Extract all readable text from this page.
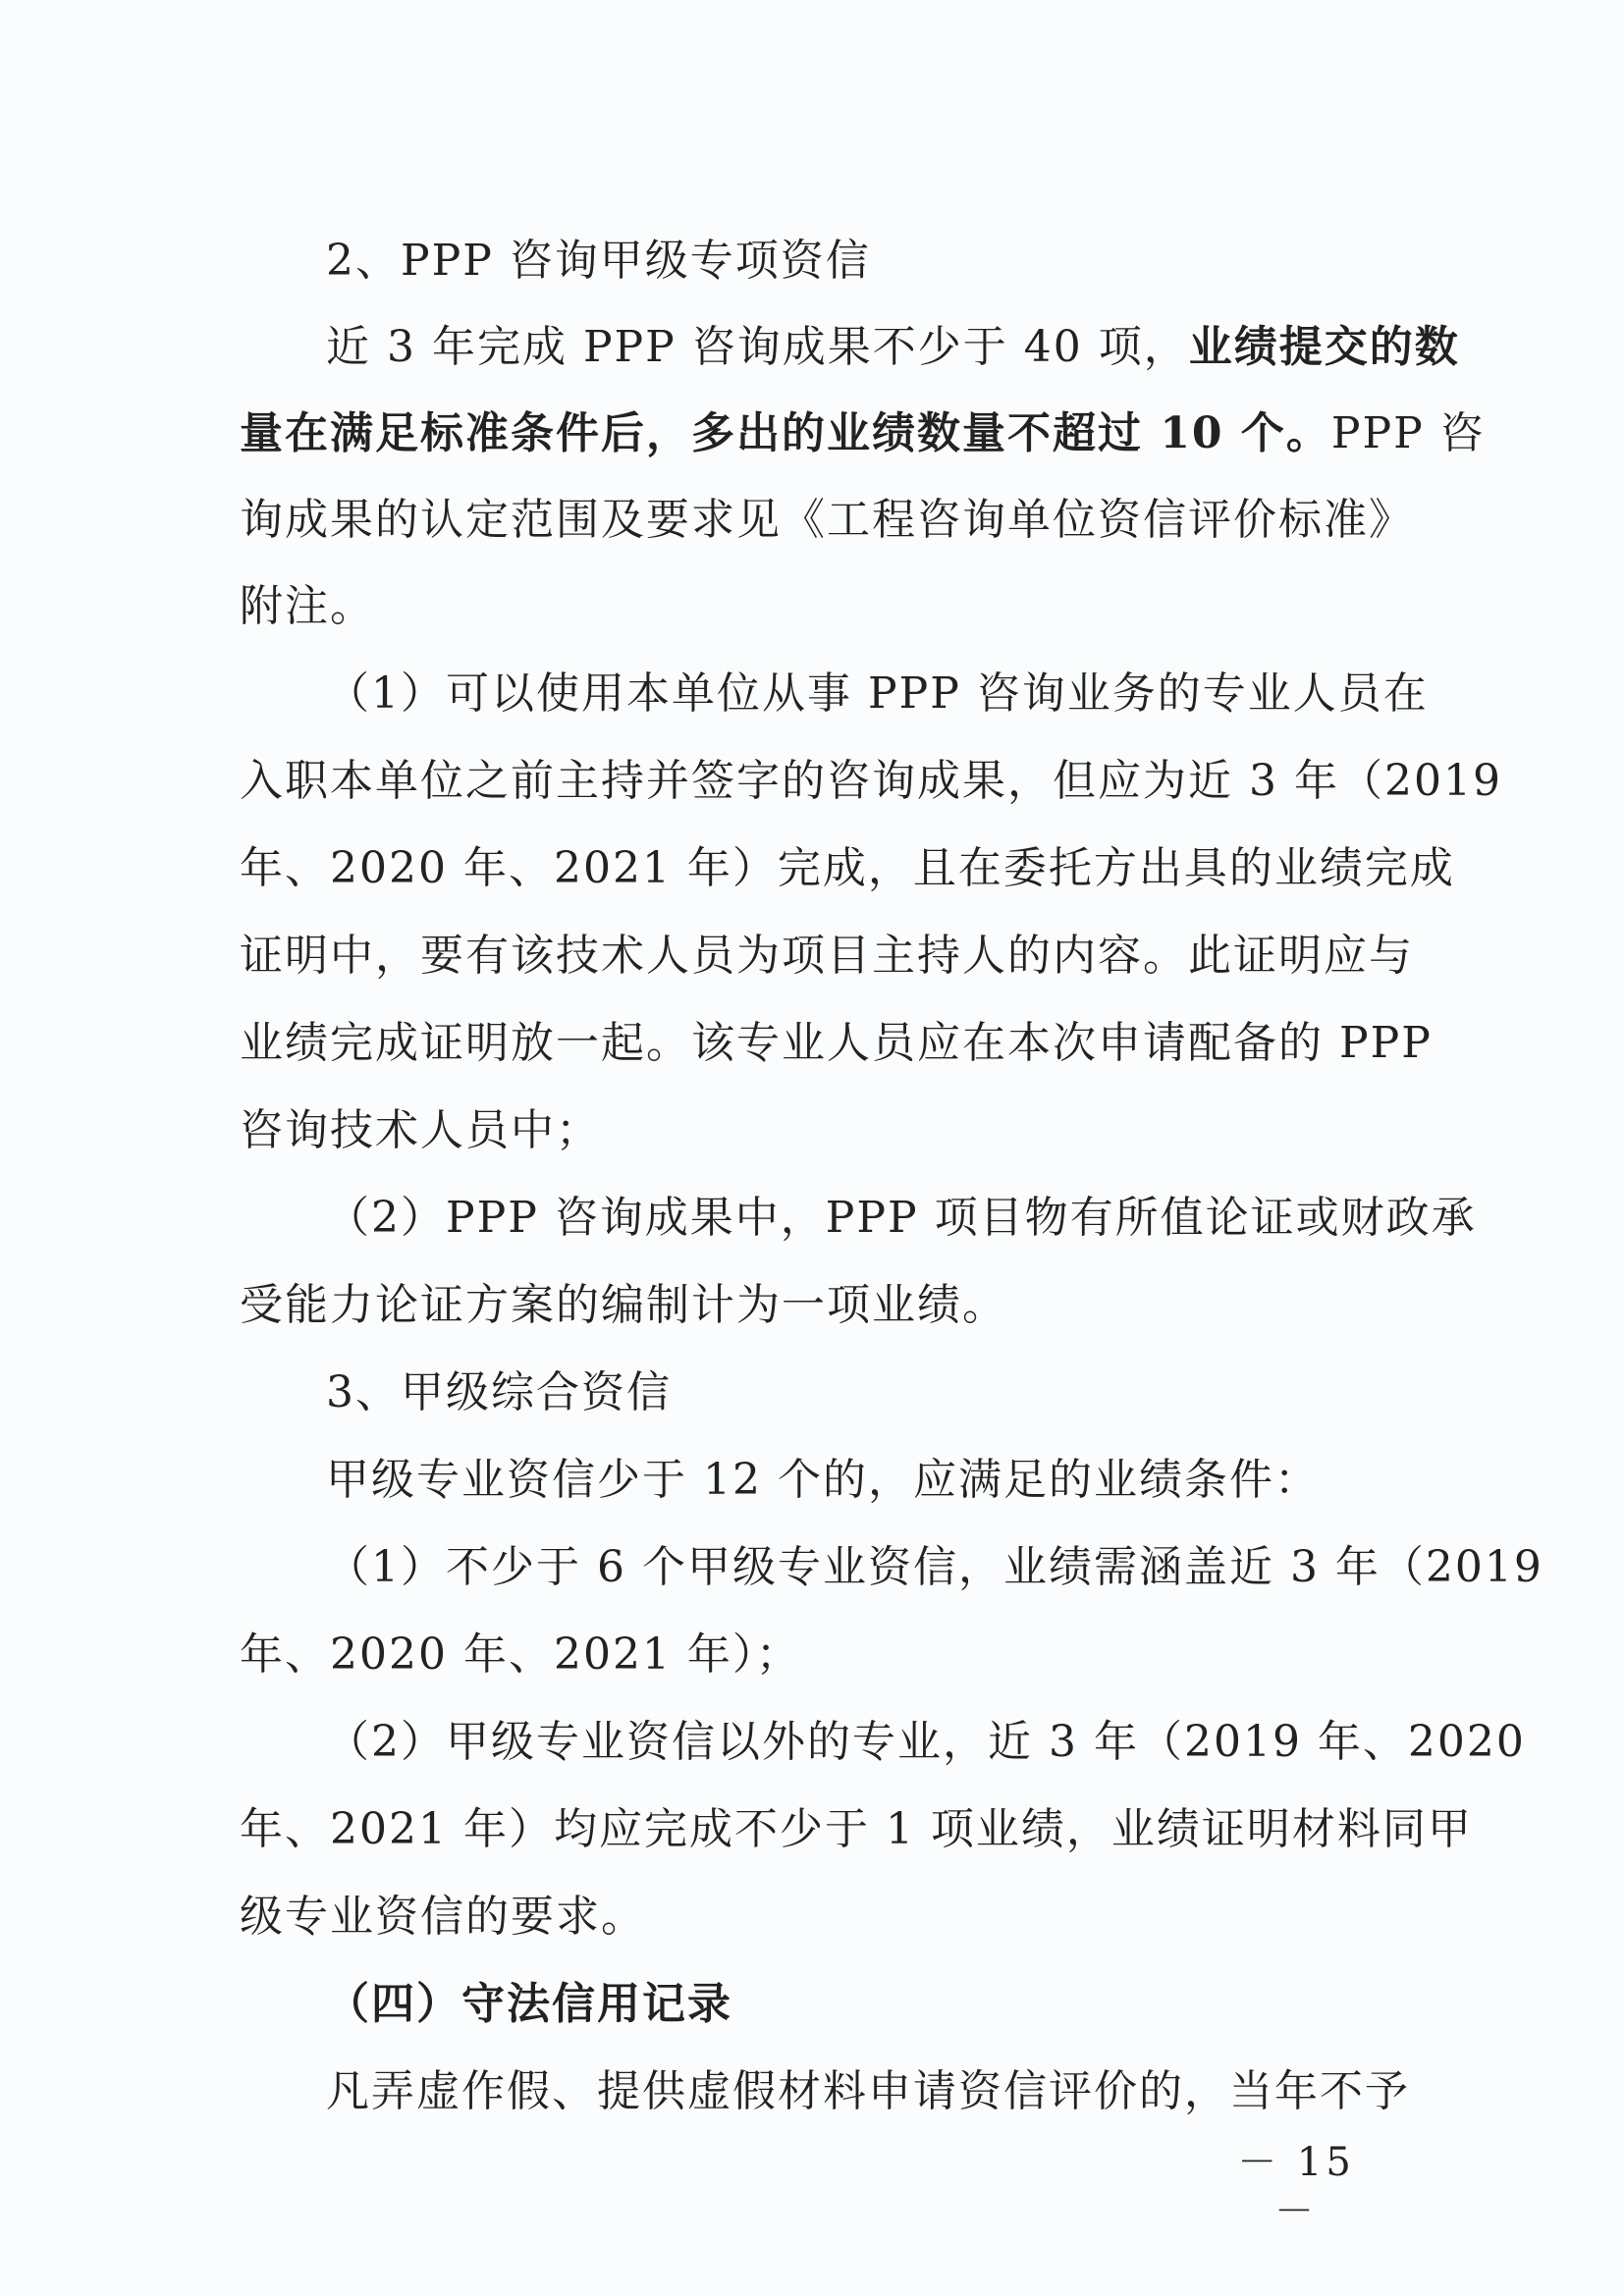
2、PPP 咨询甲级专项资信
近 3 年完成 PPP 咨询成果不少于 40 项，业绩提交的数
量在满足标准条件后，多出的业绩数量不超过 10 个。PPP 咨
询成果的认定范围及要求见《工程咨询单位资信评价标准》
附注。
（1）可以使用本单位从事 PPP 咨询业务的专业人员在
入职本单位之前主持并签字的咨询成果，但应为近 3 年（2019
年、2020 年、2021 年）完成，且在委托方出具的业绩完成
证明中，要有该技术人员为项目主持人的内容。此证明应与
业绩完成证明放一起。该专业人员应在本次申请配备的 PPP
咨询技术人员中；
（2）PPP 咨询成果中，PPP 项目物有所值论证或财政承
受能力论证方案的编制计为一项业绩。
3、甲级综合资信
甲级专业资信少于 12 个的，应满足的业绩条件：
（1）不少于 6 个甲级专业资信，业绩需涵盖近 3 年（2019
年、2020 年、2021 年）；
（2）甲级专业资信以外的专业，近 3 年（2019 年、2020
年、2021 年）均应完成不少于 1 项业绩，业绩证明材料同甲
级专业资信的要求。
（四）守法信用记录
凡弄虚作假、提供虚假材料申请资信评价的，当年不予
－ 15 －
